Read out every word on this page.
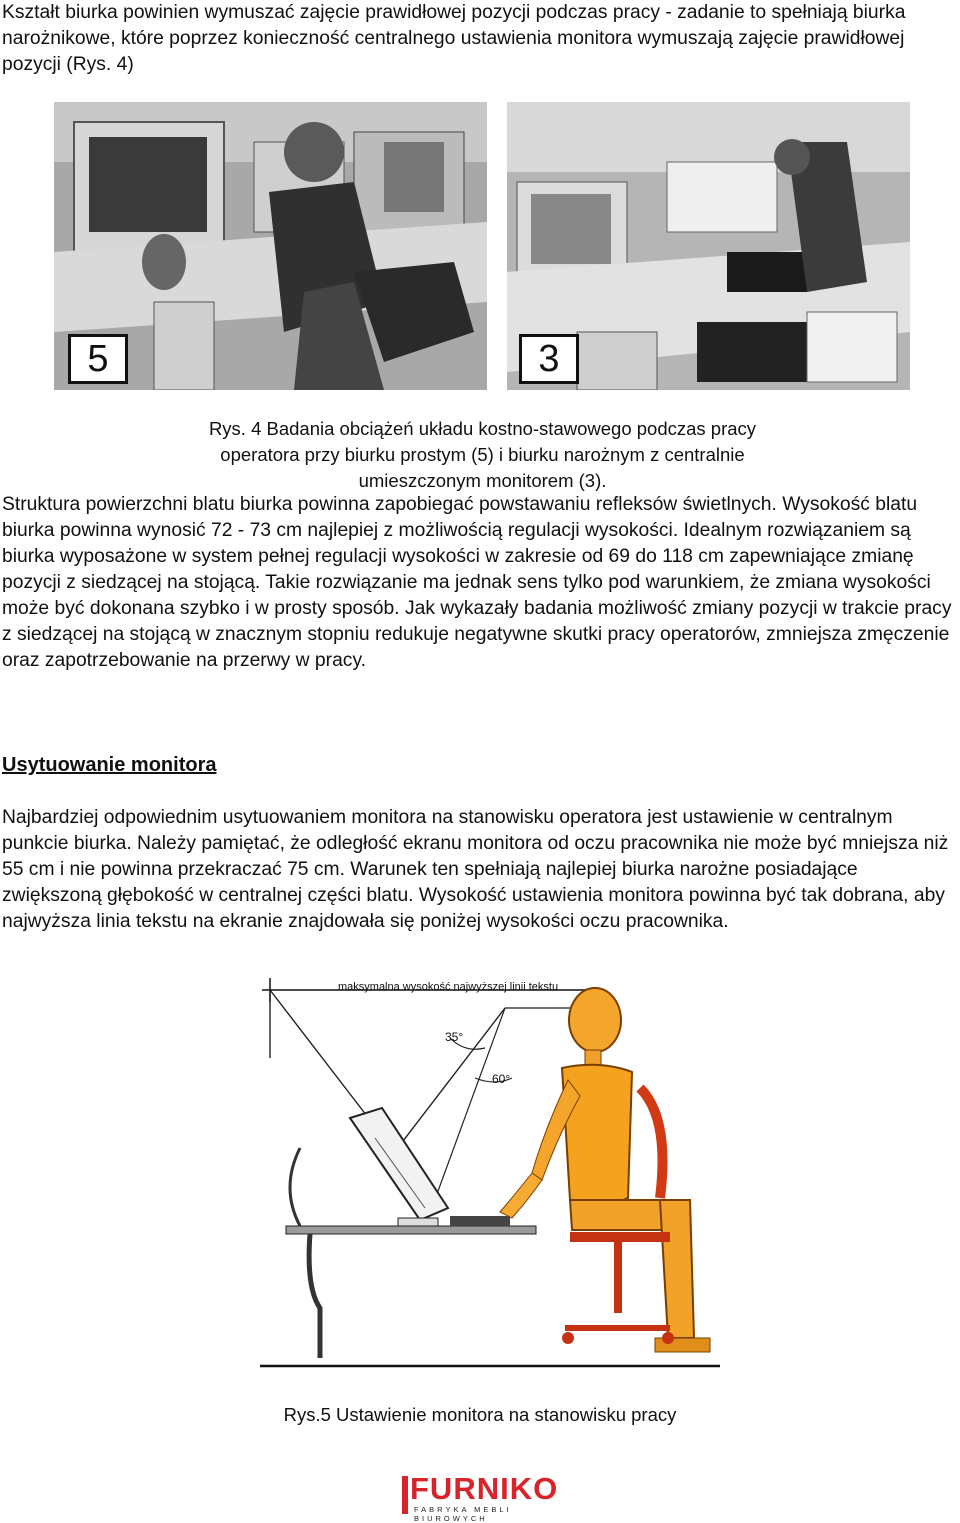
Kształt biurka powinien wymuszać zajęcie prawidłowej pozycji podczas pracy - zadanie to spełniają biurka narożnikowe, które poprzez konieczność centralnego ustawienia monitora wymuszają zajęcie prawidłowej pozycji (Rys. 4)

5	3

Rys. 4 Badania obciążeń układu kostno-stawowego podczas pracy operatora przy biurku prostym (5) i biurku narożnym z centralnie umieszczonym monitorem (3).

Struktura powierzchni blatu biurka powinna zapobiegać powstawaniu refleksów świetlnych. Wysokość blatu biurka powinna wynosić 72 - 73 cm najlepiej z możliwością regulacji wysokości. Idealnym rozwiązaniem są biurka wyposażone w system pełnej regulacji wysokości w zakresie od 69 do 118 cm zapewniające zmianę pozycji z siedzącej na stojącą. Takie rozwiązanie ma jednak sens tylko pod warunkiem, że zmiana wysokości może być dokonana szybko i w prosty sposób. Jak wykazały badania możliwość zmiany pozycji w trakcie pracy z siedzącej na stojącą w znacznym stopniu redukuje negatywne skutki pracy operatorów, zmniejsza zmęczenie oraz zapotrzebowanie na przerwy w pracy.

Usytuowanie monitora

Najbardziej odpowiednim usytuowaniem monitora na stanowisku operatora jest ustawienie w centralnym punkcie biurka. Należy pamiętać, że odległość ekranu monitora od oczu pracownika nie może być mniejsza niż 55 cm i nie powinna przekraczać 75 cm. Warunek ten spełniają najlepiej biurka narożne posiadające zwiększoną głębokość w centralnej części blatu. Wysokość ustawienia monitora powinna być tak dobrana, aby najwyższa linia tekstu na ekranie znajdowała się poniżej wysokości oczu pracownika.

maksymalna wysokość najwyższej linii tekstu
35°
60°

Rys.5 Ustawienie monitora na stanowisku pracy

FURNIKO
FABRYKA MEBLI BIUROWYCH
